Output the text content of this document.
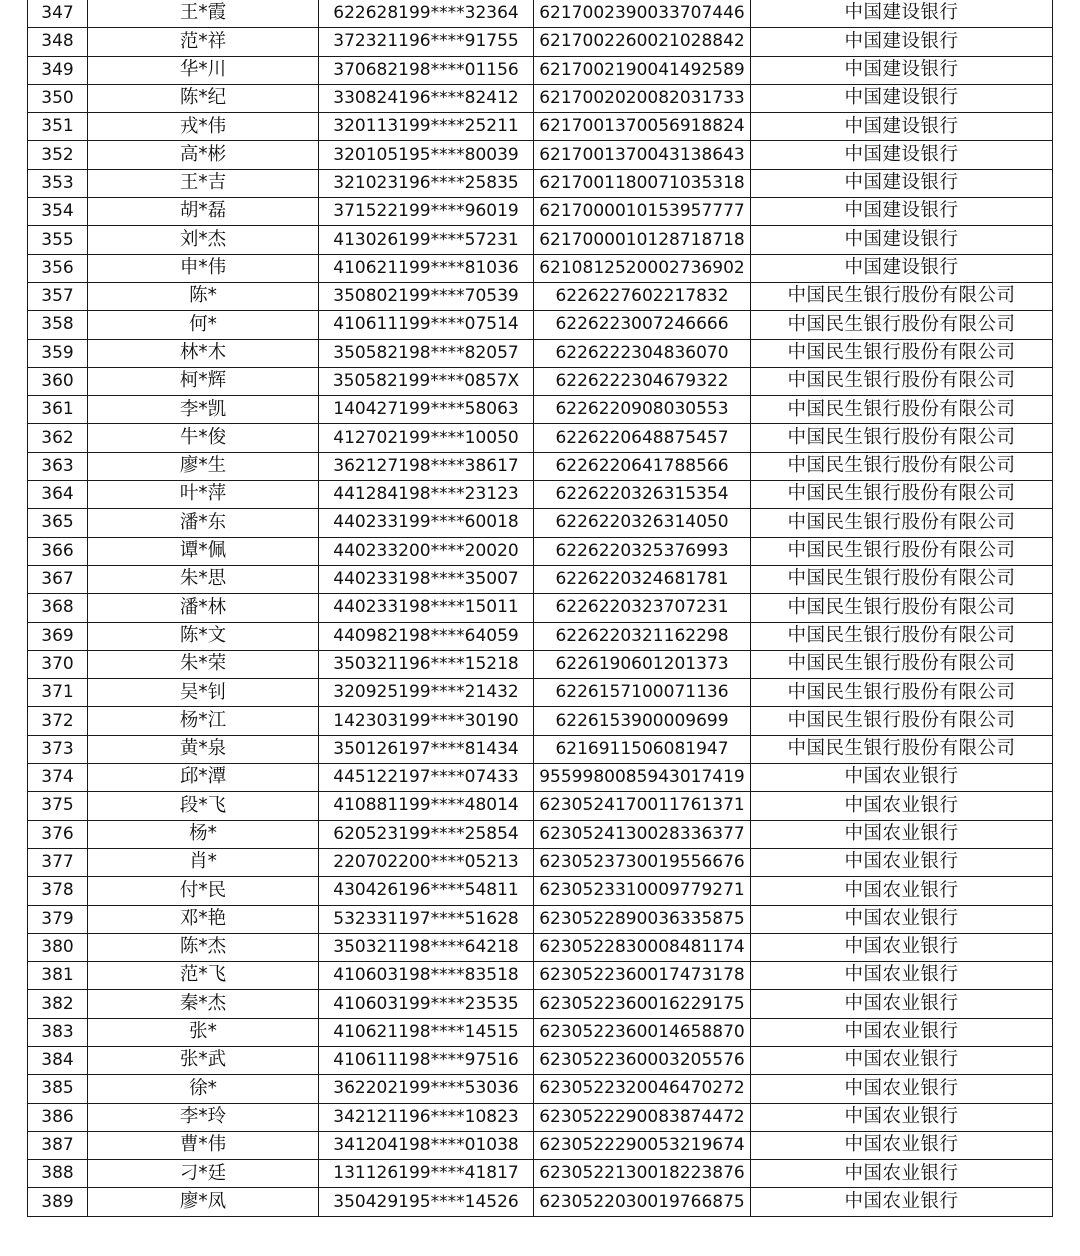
347	王*霞	622628199****32364	6217002390033707446	中国建设银行
348	范*祥	372321196****91755	6217002260021028842	中国建设银行
349	华*川	370682198****01156	6217002190041492589	中国建设银行
350	陈*纪	330824196****82412	6217002020082031733	中国建设银行
351	戎*伟	320113199****25211	6217001370056918824	中国建设银行
352	高*彬	320105195****80039	6217001370043138643	中国建设银行
353	王*吉	321023196****25835	6217001180071035318	中国建设银行
354	胡*磊	371522199****96019	6217000010153957777	中国建设银行
355	刘*杰	413026199****57231	6217000010128718718	中国建设银行
356	申*伟	410621199****81036	6210812520002736902	中国建设银行
357	陈*	350802199****70539	6226227602217832	中国民生银行股份有限公司
358	何*	410611199****07514	6226223007246666	中国民生银行股份有限公司
359	林*木	350582198****82057	6226222304836070	中国民生银行股份有限公司
360	柯*辉	350582199****0857X	6226222304679322	中国民生银行股份有限公司
361	李*凯	140427199****58063	6226220908030553	中国民生银行股份有限公司
362	牛*俊	412702199****10050	6226220648875457	中国民生银行股份有限公司
363	廖*生	362127198****38617	6226220641788566	中国民生银行股份有限公司
364	叶*萍	441284198****23123	6226220326315354	中国民生银行股份有限公司
365	潘*东	440233199****60018	6226220326314050	中国民生银行股份有限公司
366	谭*佩	440233200****20020	6226220325376993	中国民生银行股份有限公司
367	朱*思	440233198****35007	6226220324681781	中国民生银行股份有限公司
368	潘*林	440233198****15011	6226220323707231	中国民生银行股份有限公司
369	陈*文	440982198****64059	6226220321162298	中国民生银行股份有限公司
370	朱*荣	350321196****15218	6226190601201373	中国民生银行股份有限公司
371	吴*钊	320925199****21432	6226157100071136	中国民生银行股份有限公司
372	杨*江	142303199****30190	6226153900009699	中国民生银行股份有限公司
373	黄*泉	350126197****81434	6216911506081947	中国民生银行股份有限公司
374	邱*潭	445122197****07433	9559980085943017419	中国农业银行
375	段*飞	410881199****48014	6230524170011761371	中国农业银行
376	杨*	620523199****25854	6230524130028336377	中国农业银行
377	肖*	220702200****05213	6230523730019556676	中国农业银行
378	付*民	430426196****54811	6230523310009779271	中国农业银行
379	邓*艳	532331197****51628	6230522890036335875	中国农业银行
380	陈*杰	350321198****64218	6230522830008481174	中国农业银行
381	范*飞	410603198****83518	6230522360017473178	中国农业银行
382	秦*杰	410603199****23535	6230522360016229175	中国农业银行
383	张*	410621198****14515	6230522360014658870	中国农业银行
384	张*武	410611198****97516	6230522360003205576	中国农业银行
385	徐*	362202199****53036	6230522320046470272	中国农业银行
386	李*玲	342121196****10823	6230522290083874472	中国农业银行
387	曹*伟	341204198****01038	6230522290053219674	中国农业银行
388	刁*廷	131126199****41817	6230522130018223876	中国农业银行
389	廖*凤	350429195****14526	6230522030019766875	中国农业银行
